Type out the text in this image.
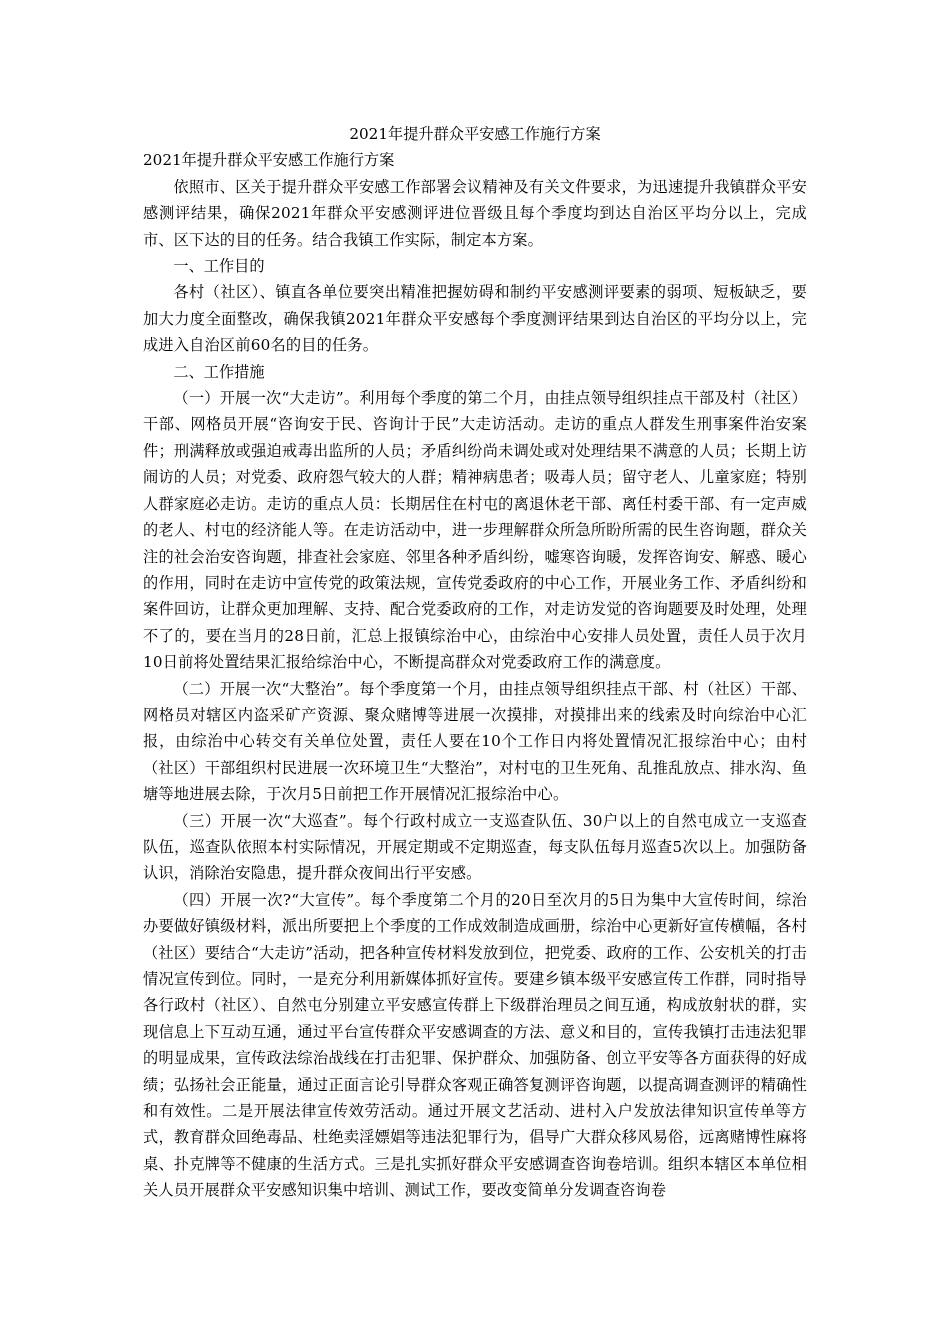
2021年提升群众平安感工作施行方案
2021年提升群众平安感工作施行方案

依照市、区关于提升群众平安感工作部署会议精神及有关文件要求，为迅速提升我镇群众平安感测评结果，确保2021年群众平安感测评进位晋级且每个季度均到达自治区平均分以上，完成市、区下达的目的任务。结合我镇工作实际，制定本方案。

一、工作目的

各村（社区）、镇直各单位要突出精准把握妨碍和制约平安感测评要素的弱项、短板缺乏，要加大力度全面整改，确保我镇2021年群众平安感每个季度测评结果到达自治区的平均分以上，完成进入自治区前60名的目的任务。

二、工作措施

（一）开展一次“大走访”。利用每个季度的第二个月，由挂点领导组织挂点干部及村（社区）干部、网格员开展“咨询安于民、咨询计于民”大走访活动。走访的重点人群发生刑事案件治安案件；刑满释放或强迫戒毒出监所的人员；矛盾纠纷尚未调处或对处理结果不满意的人员；长期上访闹访的人员；对党委、政府怨气较大的人群；精神病患者；吸毒人员；留守老人、儿童家庭；特别人群家庭必走访。走访的重点人员：长期居住在村屯的离退休老干部、离任村委干部、有一定声威的老人、村屯的经济能人等。在走访活动中，进一步理解群众所急所盼所需的民生咨询题，群众关注的社会治安咨询题，排查社会家庭、邻里各种矛盾纠纷，嘘寒咨询暖，发挥咨询安、解惑、暖心的作用，同时在走访中宣传党的政策法规，宣传党委政府的中心工作，开展业务工作、矛盾纠纷和案件回访，让群众更加理解、支持、配合党委政府的工作，对走访发觉的咨询题要及时处理，处理不了的，要在当月的28日前，汇总上报镇综治中心，由综治中心安排人员处置，责任人员于次月10日前将处置结果汇报给综治中心，不断提高群众对党委政府工作的满意度。

（二）开展一次“大整治”。每个季度第一个月，由挂点领导组织挂点干部、村（社区）干部、网格员对辖区内盗采矿产资源、聚众赌博等进展一次摸排，对摸排出来的线索及时向综治中心汇报，由综治中心转交有关单位处置，责任人要在10个工作日内将处置情况汇报综治中心；由村（社区）干部组织村民进展一次环境卫生“大整治”，对村屯的卫生死角、乱推乱放点、排水沟、鱼塘等地进展去除，于次月5日前把工作开展情况汇报综治中心。

（三）开展一次“大巡查”。每个行政村成立一支巡查队伍、30户以上的自然屯成立一支巡查队伍，巡查队依照本村实际情况，开展定期或不定期巡查，每支队伍每月巡查5次以上。加强防备认识，消除治安隐患，提升群众夜间出行平安感。

（四）开展一次?“大宣传”。每个季度第二个月的20日至次月的5日为集中大宣传时间，综治办要做好镇级材料，派出所要把上个季度的工作成效制造成画册，综治中心更新好宣传横幅，各村（社区）要结合“大走访”活动，把各种宣传材料发放到位，把党委、政府的工作、公安机关的打击情况宣传到位。同时，一是充分利用新媒体抓好宣传。要建乡镇本级平安感宣传工作群，同时指导各行政村（社区）、自然屯分别建立平安感宣传群上下级群治理员之间互通，构成放射状的群，实现信息上下互动互通，通过平台宣传群众平安感调查的方法、意义和目的，宣传我镇打击违法犯罪的明显成果，宣传政法综治战线在打击犯罪、保护群众、加强防备、创立平安等各方面获得的好成绩；弘扬社会正能量，通过正面言论引导群众客观正确答复测评咨询题，以提高调查测评的精确性和有效性。二是开展法律宣传效劳活动。通过开展文艺活动、进村入户发放法律知识宣传单等方式，教育群众回绝毒品、杜绝卖淫嫖娼等违法犯罪行为，倡导广大群众移风易俗，远离赌博性麻将桌、扑克牌等不健康的生活方式。三是扎实抓好群众平安感调查咨询卷培训。组织本辖区本单位相关人员开展群众平安感知识集中培训、测试工作，要改变简单分发调查咨询卷
